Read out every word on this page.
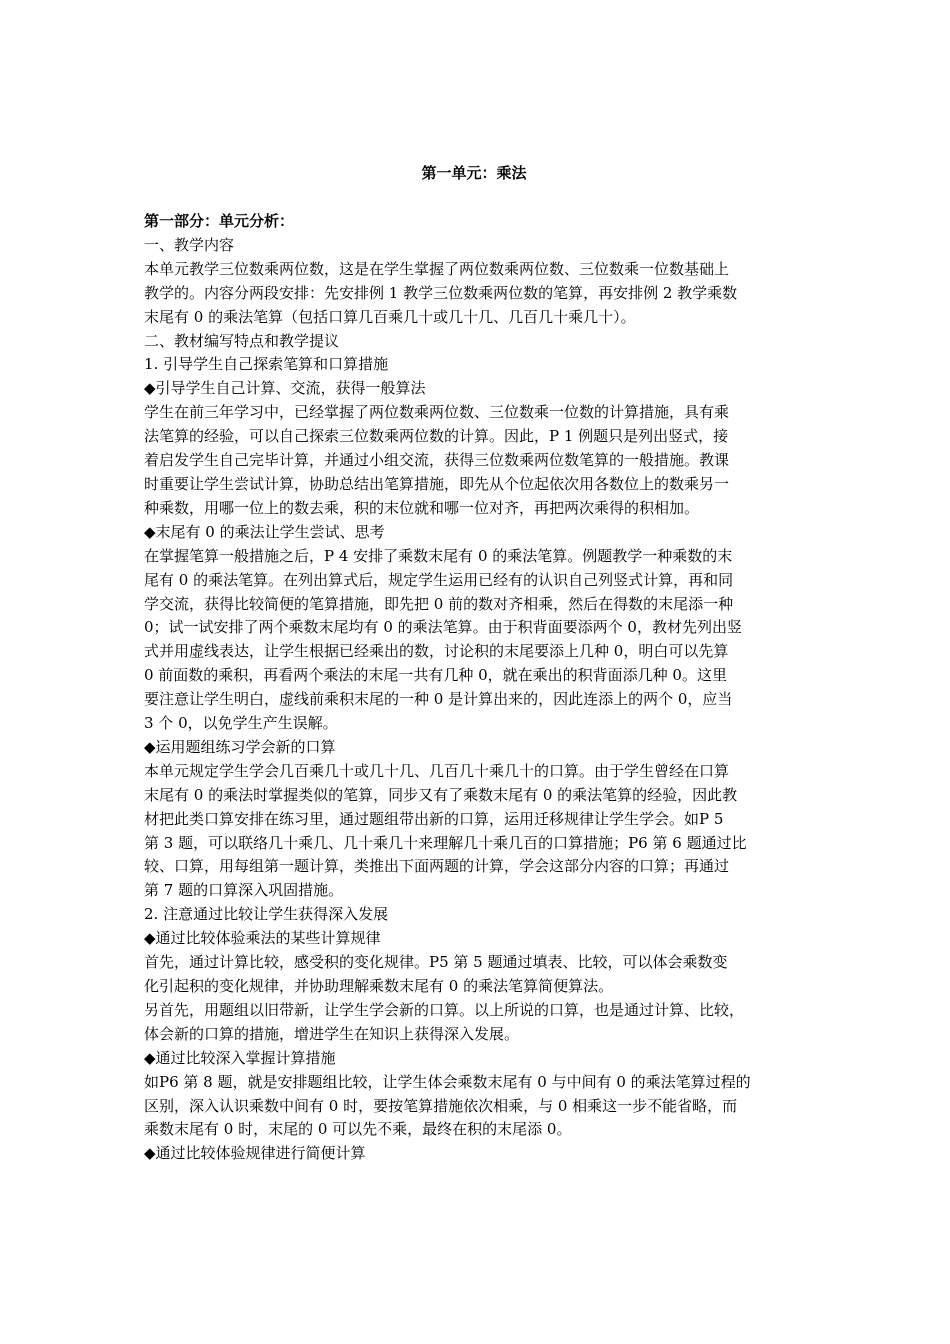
第一单元：乘法

第一部分：单元分析：

一、教学内容

本单元教学三位数乘两位数，这是在学生掌握了两位数乘两位数、三位数乘一位数基础上

教学的。内容分两段安排：先安排例 1 教学三位数乘两位数的笔算，再安排例 2 教学乘数

末尾有 0 的乘法笔算（包括口算几百乘几十或几十几、几百几十乘几十）。

二、教材编写特点和教学提议

1. 引导学生自己探索笔算和口算措施

◆引导学生自己计算、交流，获得一般算法

学生在前三年学习中，已经掌握了两位数乘两位数、三位数乘一位数的计算措施，具有乘

法笔算的经验，可以自己探索三位数乘两位数的计算。因此，P 1 例题只是列出竖式，接

着启发学生自己完毕计算，并通过小组交流，获得三位数乘两位数笔算的一般措施。教课

时重要让学生尝试计算，协助总结出笔算措施，即先从个位起依次用各数位上的数乘另一

种乘数，用哪一位上的数去乘，积的末位就和哪一位对齐，再把两次乘得的积相加。

◆末尾有 0 的乘法让学生尝试、思考

在掌握笔算一般措施之后，P 4 安排了乘数末尾有 0 的乘法笔算。例题教学一种乘数的末

尾有 0 的乘法笔算。在列出算式后，规定学生运用已经有的认识自己列竖式计算，再和同

学交流，获得比较简便的笔算措施，即先把 0 前的数对齐相乘，然后在得数的末尾添一种

0；试一试安排了两个乘数末尾均有 0 的乘法笔算。由于积背面要添两个 0，教材先列出竖

式并用虚线表达，让学生根据已经乘出的数，讨论积的末尾要添上几种 0，明白可以先算

0 前面数的乘积，再看两个乘法的末尾一共有几种 0，就在乘出的积背面添几种 0。这里

要注意让学生明白，虚线前乘积末尾的一种 0 是计算出来的，因此连添上的两个 0，应当

3 个 0，以免学生产生误解。

◆运用题组练习学会新的口算

本单元规定学生学会几百乘几十或几十几、几百几十乘几十的口算。由于学生曾经在口算

末尾有 0 的乘法时掌握类似的笔算，同步又有了乘数末尾有 0 的乘法笔算的经验，因此教

材把此类口算安排在练习里，通过题组带出新的口算，运用迁移规律让学生学会。如P 5

第 3 题，可以联络几十乘几、几十乘几十来理解几十乘几百的口算措施；P6 第 6 题通过比

较、口算，用每组第一题计算，类推出下面两题的计算，学会这部分内容的口算；再通过

第 7 题的口算深入巩固措施。

2. 注意通过比较让学生获得深入发展

◆通过比较体验乘法的某些计算规律

首先，通过计算比较，感受积的变化规律。P5 第 5 题通过填表、比较，可以体会乘数变

化引起积的变化规律，并协助理解乘数末尾有 0 的乘法笔算简便算法。

另首先，用题组以旧带新，让学生学会新的口算。以上所说的口算，也是通过计算、比较，

体会新的口算的措施，增进学生在知识上获得深入发展。

◆通过比较深入掌握计算措施

如P6 第 8 题，就是安排题组比较，让学生体会乘数末尾有 0 与中间有 0 的乘法笔算过程的

区别，深入认识乘数中间有 0 时，要按笔算措施依次相乘，与 0 相乘这一步不能省略，而

乘数末尾有 0 时，末尾的 0 可以先不乘，最终在积的末尾添 0。

◆通过比较体验规律进行简便计算
